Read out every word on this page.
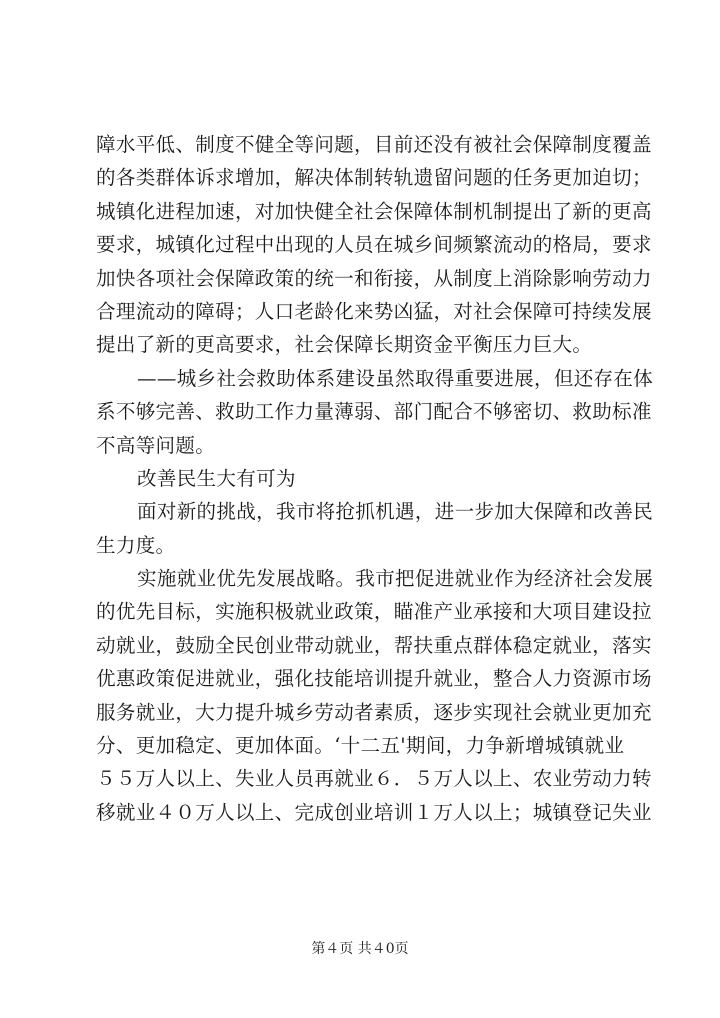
障水平低、制度不健全等问题，目前还没有被社会保障制度覆盖
的各类群体诉求增加，解决体制转轨遗留问题的任务更加迫切；
城镇化进程加速，对加快健全社会保障体制机制提出了新的更高
要求，城镇化过程中出现的人员在城乡间频繁流动的格局，要求
加快各项社会保障政策的统一和衔接，从制度上消除影响劳动力
合理流动的障碍；人口老龄化来势凶猛，对社会保障可持续发展
提出了新的更高要求，社会保障长期资金平衡压力巨大。
——城乡社会救助体系建设虽然取得重要进展，但还存在体
系不够完善、救助工作力量薄弱、部门配合不够密切、救助标准
不高等问题。
改善民生大有可为
面对新的挑战，我市将抢抓机遇，进一步加大保障和改善民
生力度。
实施就业优先发展战略。我市把促进就业作为经济社会发展
的优先目标，实施积极就业政策，瞄准产业承接和大项目建设拉
动就业，鼓励全民创业带动就业，帮扶重点群体稳定就业，落实
优惠政策促进就业，强化技能培训提升就业，整合人力资源市场
服务就业，大力提升城乡劳动者素质，逐步实现社会就业更加充
分、更加稳定、更加体面。‘十二五'期间，力争新增城镇就业
５５万人以上、失业人员再就业６．５万人以上、农业劳动力转
移就业４０万人以上、完成创业培训１万人以上；城镇登记失业
第４页 共４0页
